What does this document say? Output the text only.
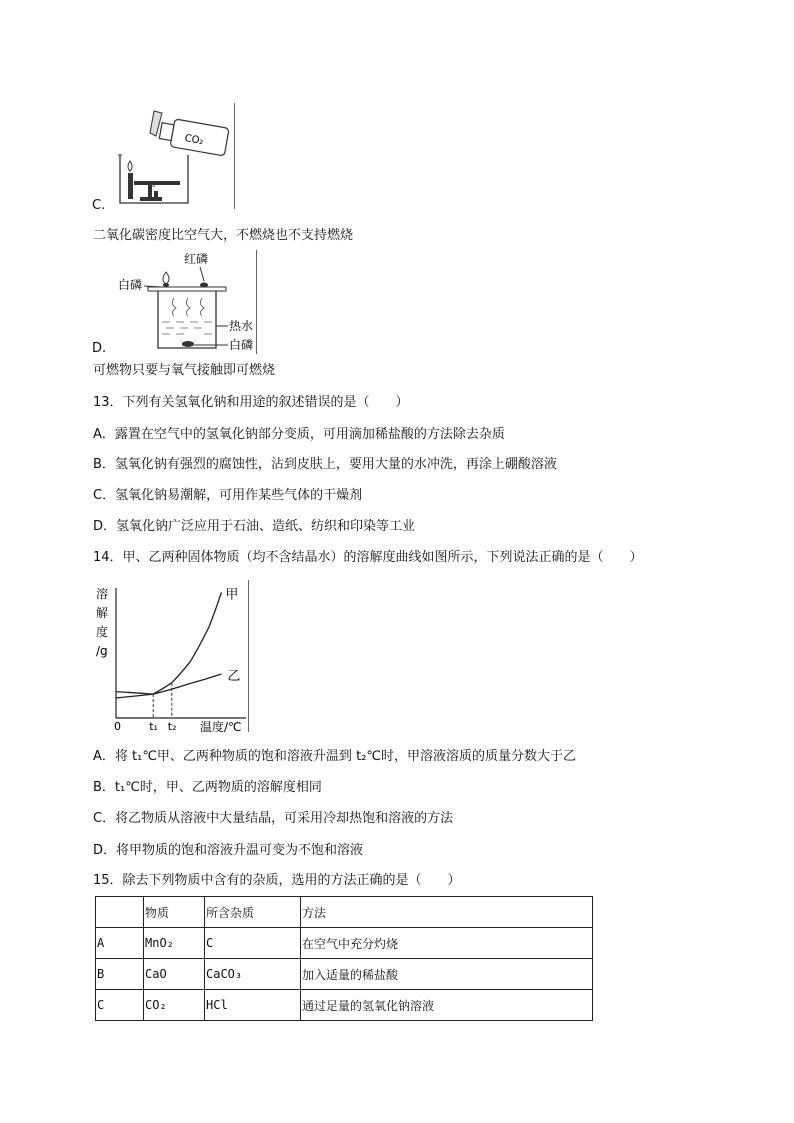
CO₂
s
C.
二氧化碳密度比空气大，不燃烧也不支持燃烧
红磷
白磷
热水
白磷
D.
可燃物只要与氧气接触即可燃烧
13．下列有关氢氧化钠和用途的叙述错误的是（　　）
A．露置在空气中的氢氧化钠部分变质，可用滴加稀盐酸的方法除去杂质
B．氢氧化钠有强烈的腐蚀性，沾到皮肤上，要用大量的水冲洗，再涂上硼酸溶液
C．氢氧化钠易潮解，可用作某些气体的干燥剂
D．氢氧化钠广泛应用于石油、造纸、纺织和印染等工业
14．甲、乙两种固体物质（均不含结晶水）的溶解度曲线如图所示，下列说法正确的是（　　）
溶
解
度
/g
0	温度/℃
t₁ t₂
甲
乙
A．将 t₁℃甲、乙两种物质的饱和溶液升温到 t₂℃时，甲溶液溶质的质量分数大于乙
B．t₁℃时，甲、乙两物质的溶解度相同
C．将乙物质从溶液中大量结晶，可采用冷却热饱和溶液的方法
D．将甲物质的饱和溶液升温可变为不饱和溶液
15．除去下列物质中含有的杂质，选用的方法正确的是（　　）
	物质	所含杂质	方法
A	MnO₂	C	在空气中充分灼烧
B	CaO	CaCO₃	加入适量的稀盐酸
C	CO₂	HCl	通过足量的氢氧化钠溶液
